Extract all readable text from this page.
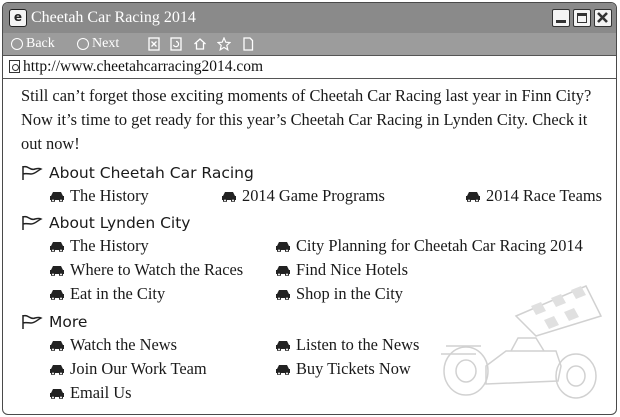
e Cheetah Car Racing 2014
Back	Next
http://www.cheetahcarracing2014.com

Still can’t forget those exciting moments of Cheetah Car Racing last year in Finn City? Now it’s time to get ready for this year’s Cheetah Car Racing in Lynden City. Check it out now!

About Cheetah Car Racing
The History	2014 Game Programs	2014 Race Teams
About Lynden City
The History	City Planning for Cheetah Car Racing 2014
Where to Watch the Races	Find Nice Hotels
Eat in the City	Shop in the City
More
Watch the News	Listen to the News
Join Our Work Team	Buy Tickets Now
Email Us
